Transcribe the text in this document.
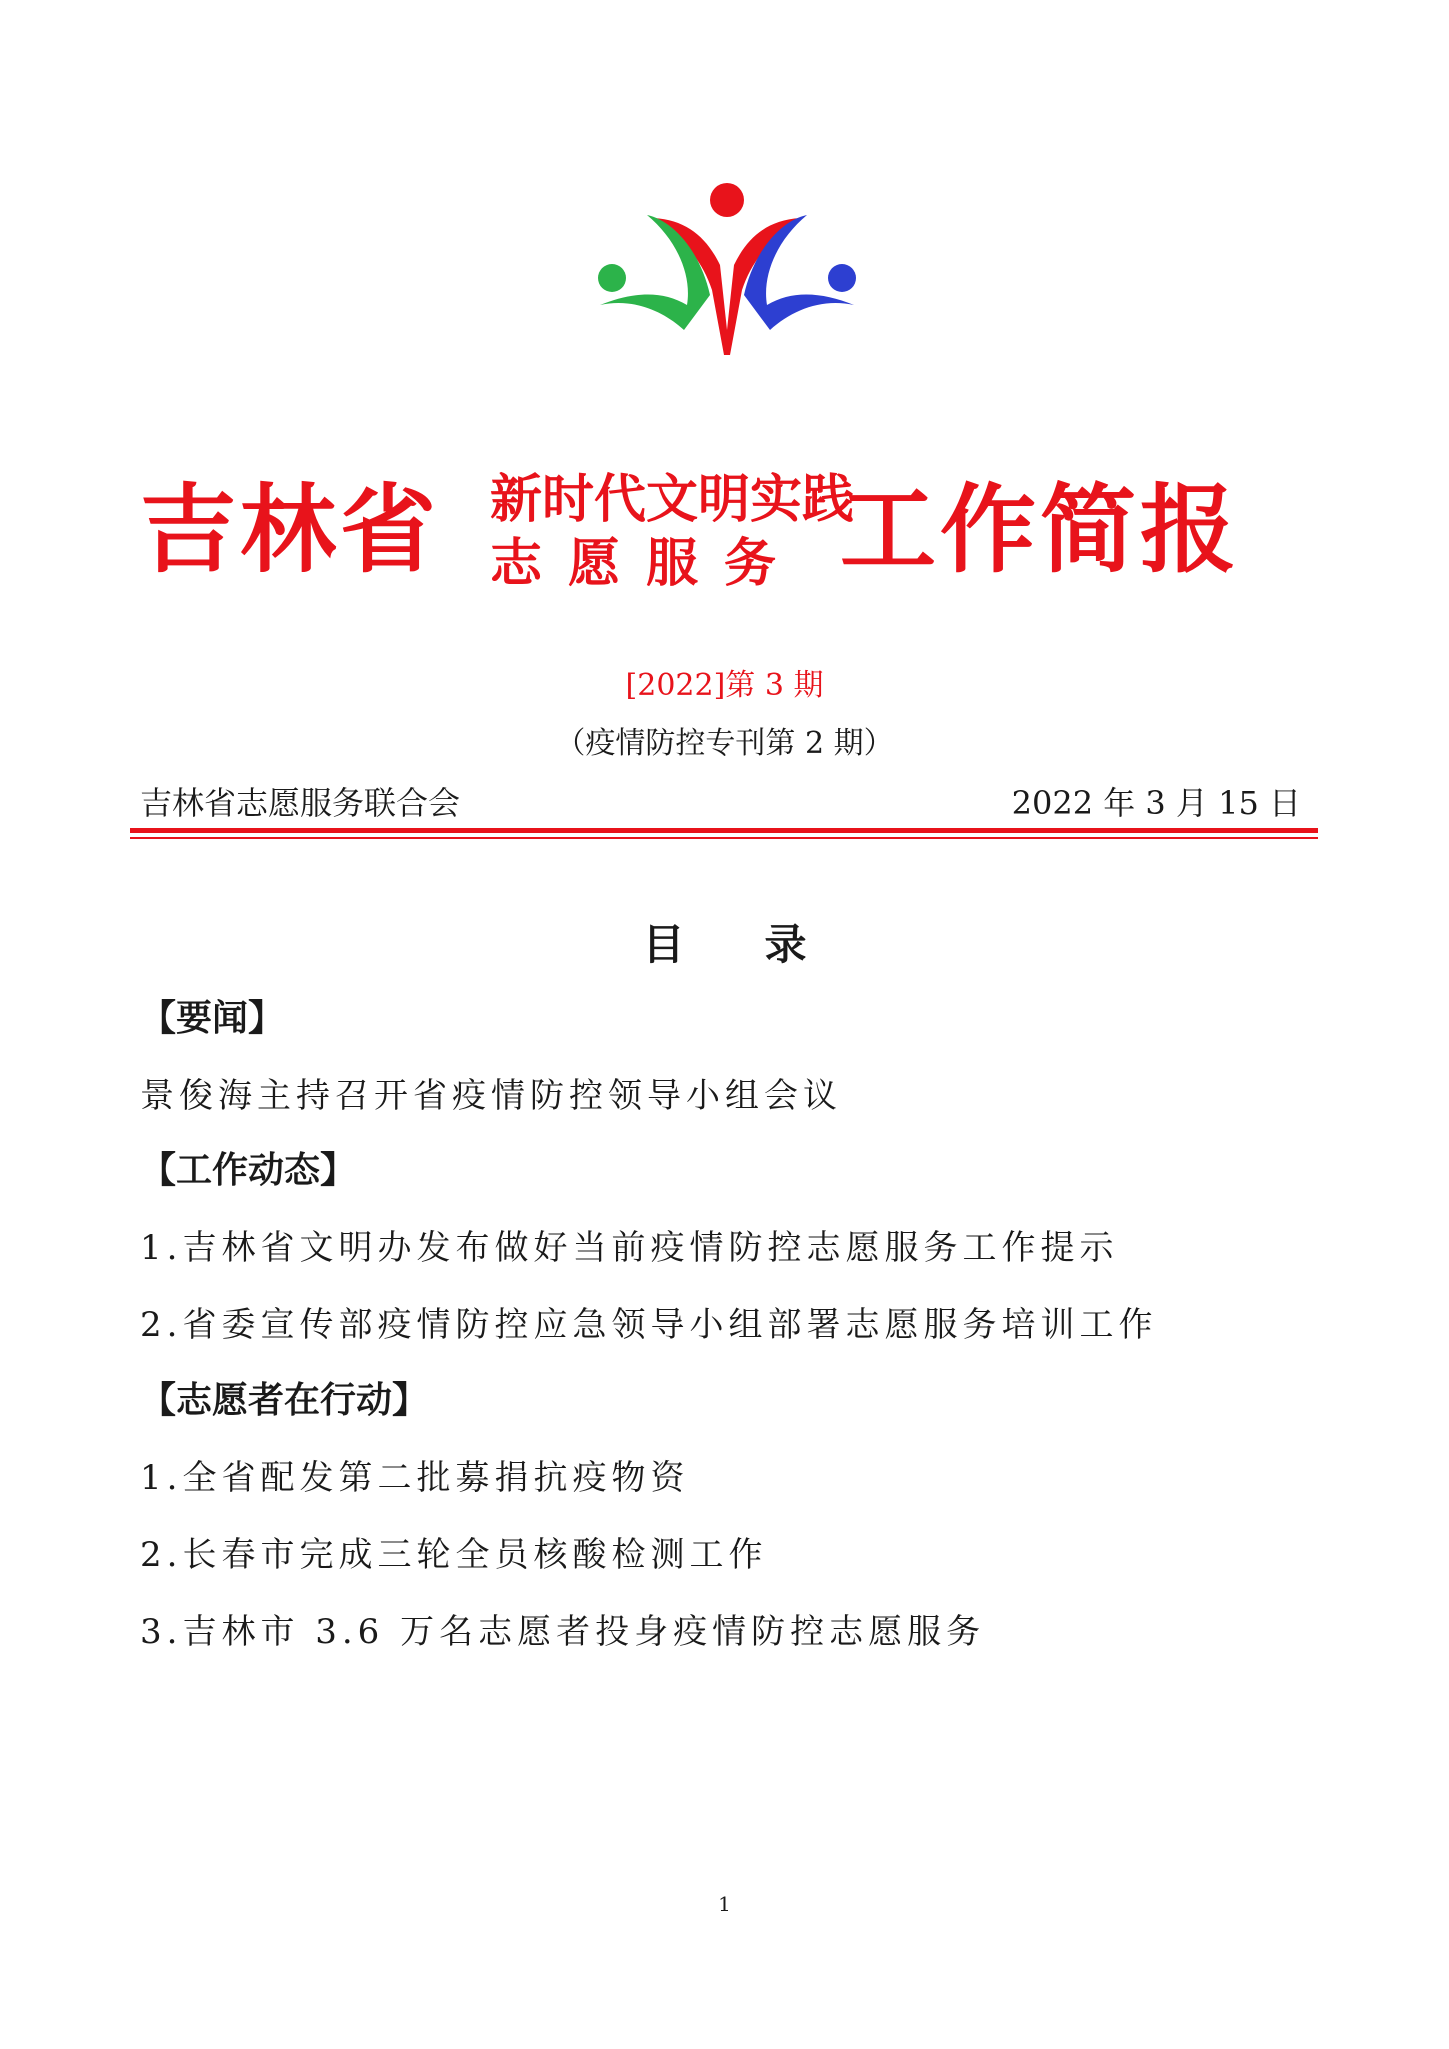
吉林省 新时代文明实践
志愿服务 工作简报
[2022]第 3 期
（疫情防控专刊第 2 期）
吉林省志愿服务联合会	2022 年 3 月 15 日
目录
【要闻】
景俊海主持召开省疫情防控领导小组会议
【工作动态】
1.吉林省文明办发布做好当前疫情防控志愿服务工作提示
2.省委宣传部疫情防控应急领导小组部署志愿服务培训工作
【志愿者在行动】
1.全省配发第二批募捐抗疫物资
2.长春市完成三轮全员核酸检测工作
3.吉林市 3.6 万名志愿者投身疫情防控志愿服务
1
